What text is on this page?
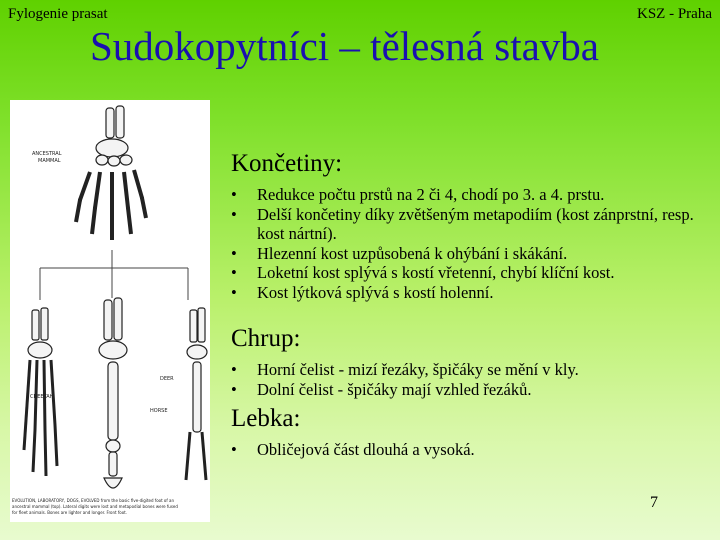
Fylogenie prasat	KSZ - Praha
Sudokopytníci – tělesná stavba
ANCESTRAL
MAMMAL
CHEETAH
HORSE
DEER
EVOLUTION, LABORATORY, DOGS, EVOLVED from the basic five-digited foot of an
ancestral mammal (top). Lateral digits were lost and metapodial bones were fused
for fleet animals. Bones are lighter and longer. Front foot.
Končetiny:
• Redukce počtu prstů na 2 či 4, chodí po 3. a 4. prstu.
• Delší končetiny díky zvětšeným metapodiím (kost zánprstní, resp. kost nártní).
• Hlezenní kost uzpůsobená k ohýbání i skákání.
• Loketní kost splývá s kostí vřetenní, chybí klíční kost.
• Kost lýtková splývá s kostí holenní.
Chrup:
• Horní čelist - mizí řezáky, špičáky se mění v kly.
• Dolní čelist - špičáky mají vzhled řezáků.
Lebka:
• Obličejová část dlouhá a vysoká.
7
